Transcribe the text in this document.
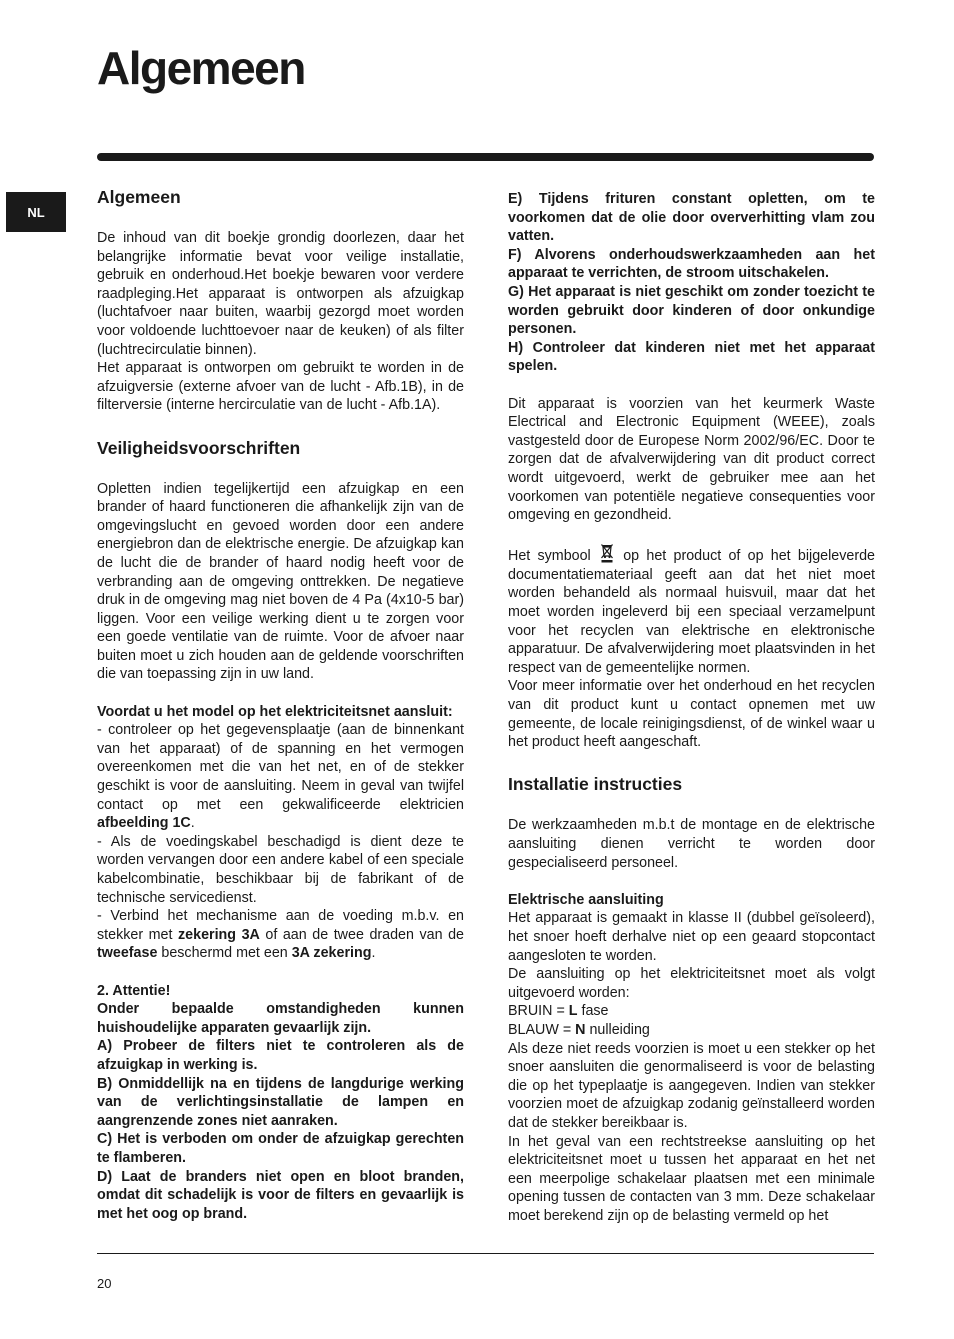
Algemeen
NL
Algemeen

De inhoud van dit boekje grondig doorlezen, daar het belangrijke informatie bevat voor veilige installatie, gebruik en onderhoud.Het boekje bewaren voor verdere raadpleging.Het apparaat is ontworpen als afzuigkap (luchtafvoer naar buiten, waarbij gezorgd moet worden voor voldoende luchttoevoer naar de keuken) of als filter (luchtrecirculatie binnen).

Het apparaat is ontworpen om gebruikt te worden in de afzuigversie (externe afvoer van de lucht - Afb.1B), in de filterversie (interne hercirculatie van de lucht - Afb.1A).

Veiligheidsvoorschriften

Opletten indien tegelijkertijd een afzuigkap en een brander of haard functioneren die afhankelijk zijn van de omgevingslucht en gevoed worden door een andere energiebron dan de elektrische energie. De afzuigkap kan de lucht die de brander of haard nodig heeft voor de verbranding aan de omgeving onttrekken. De negatieve druk in de omgeving mag niet boven de 4 Pa (4x10-5 bar) liggen. Voor een veilige werking dient u te zorgen voor een goede ventilatie van de ruimte. Voor de afvoer naar buiten moet u zich houden aan de geldende voorschriften die van toepassing zijn in uw land.

Voordat u het model op het elektriciteitsnet aansluit:

- controleer op het gegevensplaatje (aan de binnenkant van het apparaat) of de spanning en het vermogen overeenkomen met die van het net, en of de stekker geschikt is voor de aansluiting. Neem in geval van twijfel contact op met een gekwalificeerde elektricien afbeelding 1C.

- Als de voedingskabel beschadigd is dient deze te worden vervangen door een andere kabel of een speciale kabelcombinatie, beschikbaar bij de fabrikant of de technische servicedienst.

- Verbind het mechanisme aan de voeding m.b.v. en stekker met zekering 3A of aan de twee draden van de tweefase beschermd met een 3A zekering.

2. Attentie!

Onder bepaalde omstandigheden kunnen huishoudelijke apparaten gevaarlijk zijn.

A) Probeer de filters niet te controleren als de afzuigkap in werking is.

B) Onmiddellijk na en tijdens de langdurige werking van de verlichtingsinstallatie de lampen en aangrenzende zones niet aanraken.

C) Het is verboden om onder de afzuigkap gerechten te flamberen.

D) Laat de branders niet open en bloot branden, omdat dit schadelijk is voor de filters en gevaarlijk is met het oog op brand.

E) Tijdens frituren constant opletten, om te voorkomen dat de olie door oververhitting vlam zou vatten.

F) Alvorens onderhoudswerkzaamheden aan het apparaat te verrichten, de stroom uitschakelen.

G) Het apparaat is niet geschikt om zonder toezicht te worden gebruikt door kinderen of door onkundige personen.

H) Controleer dat kinderen niet met het apparaat spelen.

Dit apparaat is voorzien van het keurmerk Waste Electrical and Electronic Equipment (WEEE), zoals vastgesteld door de Europese Norm 2002/96/EC. Door te zorgen dat de afvalverwijdering van dit product correct wordt uitgevoerd, werkt de gebruiker mee aan het voorkomen van potentiële negatieve consequenties voor omgeving en gezondheid.

Het symbool  op het product of op het bijgeleverde documentatiemateriaal geeft aan dat het niet moet worden behandeld als normaal huisvuil, maar dat het moet worden ingeleverd bij een speciaal verzamelpunt voor het recyclen van elektrische en elektronische apparatuur. De afvalverwijdering moet plaatsvinden in het respect van de gemeentelijke normen.

Voor meer informatie over het onderhoud en het recyclen van dit product kunt u contact opnemen met uw gemeente, de locale reinigingsdienst, of de winkel waar u het product heeft aangeschaft.

Installatie instructies

De werkzaamheden m.b.t de montage en de elektrische aansluiting dienen verricht te worden door gespecialiseerd personeel.

Elektrische aansluiting

Het apparaat is gemaakt in klasse II (dubbel geïsoleerd), het snoer hoeft derhalve niet op een geaard stopcontact aangesloten te worden.

De aansluiting op het elektriciteitsnet moet als volgt uitgevoerd worden:

BRUIN = L fase

BLAUW = N nulleiding

Als deze niet reeds voorzien is moet u een stekker op het snoer aansluiten die genormaliseerd is voor de belasting die op het typeplaatje is aangegeven. Indien van stekker voorzien moet de afzuigkap zodanig geïnstalleerd worden dat de stekker bereikbaar is.

In het geval van een rechtstreekse aansluiting op het elektriciteitsnet moet u tussen het apparaat en het net een meerpolige schakelaar plaatsen met een minimale opening tussen de contacten van 3 mm. Deze schakelaar moet berekend zijn op de belasting vermeld op het

20
